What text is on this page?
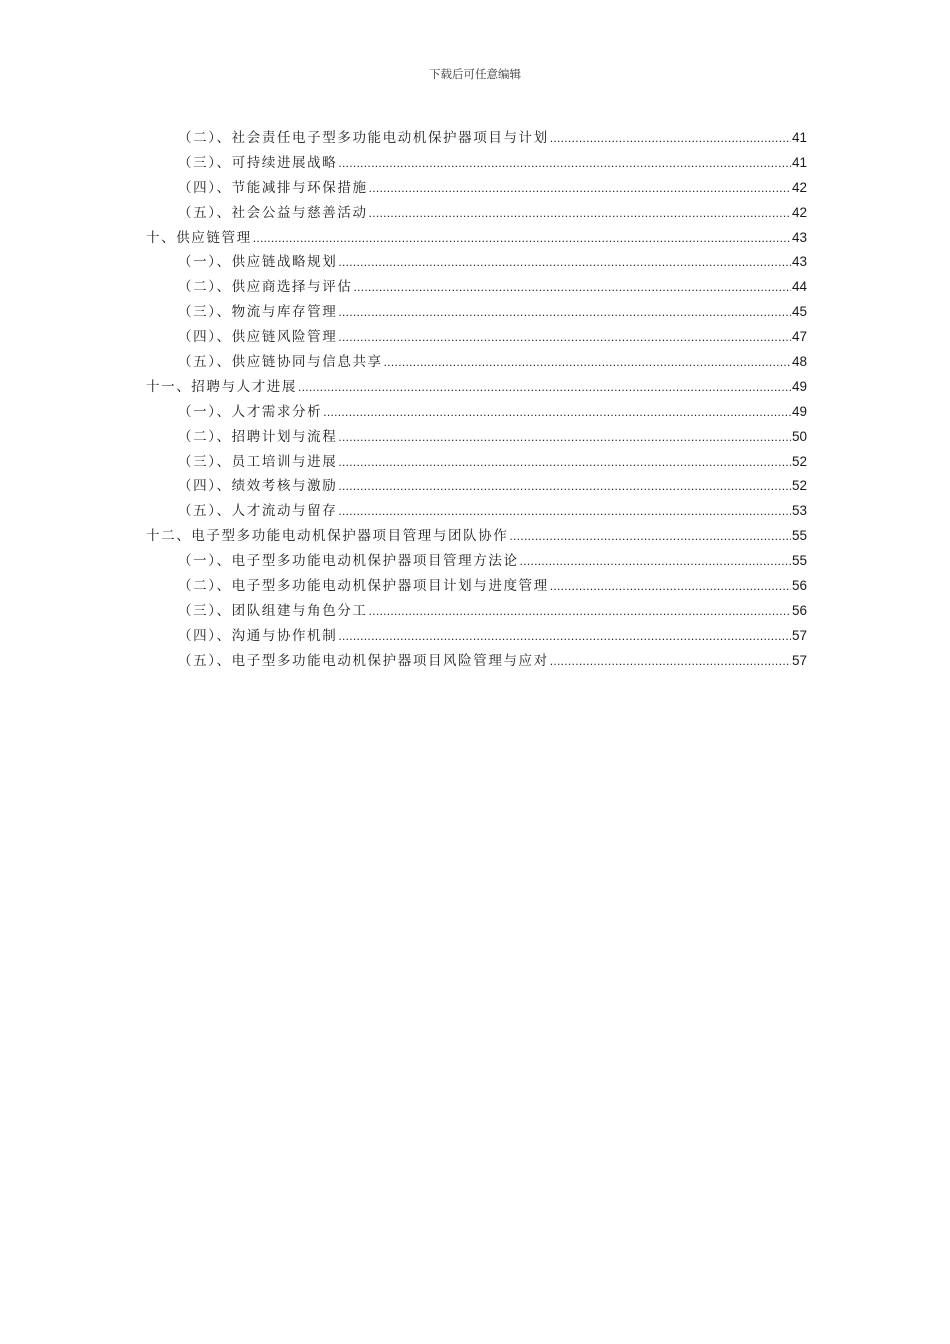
下载后可任意编辑
（二）、社会责任电子型多功能电动机保护器项目与计划 .....	41
（三）、可持续进展战略 .....	41
（四）、节能减排与环保措施 .....	42
（五）、社会公益与慈善活动 .....	42
十、供应链管理 .....	43
（一）、供应链战略规划 .....	43
（二）、供应商选择与评估 .....	44
（三）、物流与库存管理 .....	45
（四）、供应链风险管理 .....	47
（五）、供应链协同与信息共享 .....	48
十一、招聘与人才进展 .....	49
（一）、人才需求分析 .....	49
（二）、招聘计划与流程 .....	50
（三）、员工培训与进展 .....	52
（四）、绩效考核与激励 .....	52
（五）、人才流动与留存 .....	53
十二、电子型多功能电动机保护器项目管理与团队协作 .....	55
（一）、电子型多功能电动机保护器项目管理方法论 .....	55
（二）、电子型多功能电动机保护器项目计划与进度管理 .....	56
（三）、团队组建与角色分工 .....	56
（四）、沟通与协作机制 .....	57
（五）、电子型多功能电动机保护器项目风险管理与应对 .....	57
